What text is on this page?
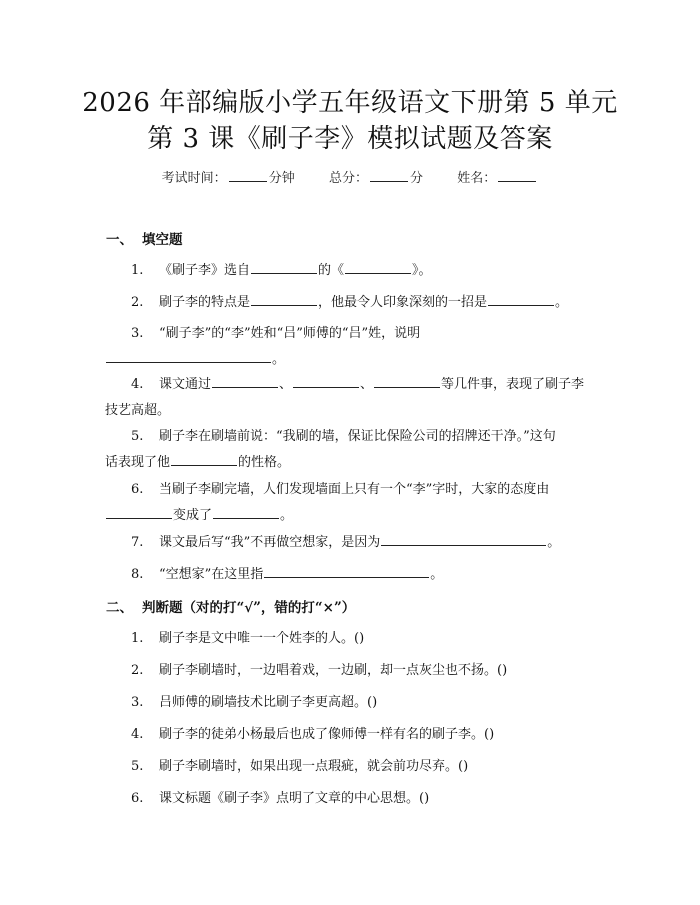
2026 年部编版小学五年级语文下册第 5 单元
第 3 课《刷子李》模拟试题及答案
考试时间：	分钟	总分：	分	姓名：
一、 填空题
1. 《刷子李》选自	的《	》。
2. 刷子李的特点是	，他最令人印象深刻的一招是	。
3. “刷子李”的“李”姓和“吕”师傅的“吕”姓，说明
。
4. 课文通过	、	、	等几件事，表现了刷子李
技艺高超。
5. 刷子李在刷墙前说：“我刷的墙，保证比保险公司的招牌还干净。”这句
话表现了他	的性格。
6. 当刷子李刷完墙，人们发现墙面上只有一个“李”字时，大家的态度由
变成了	。
7. 课文最后写“我”不再做空想家，是因为	。
8. “空想家”在这里指	。
二、 判断题（对的打“√”，错的打“×”）
1. 刷子李是文中唯一一个姓李的人。()
2. 刷子李刷墙时，一边唱着戏，一边刷，却一点灰尘也不扬。()
3. 吕师傅的刷墙技术比刷子李更高超。()
4. 刷子李的徒弟小杨最后也成了像师傅一样有名的刷子李。()
5. 刷子李刷墙时，如果出现一点瑕疵，就会前功尽弃。()
6. 课文标题《刷子李》点明了文章的中心思想。()
